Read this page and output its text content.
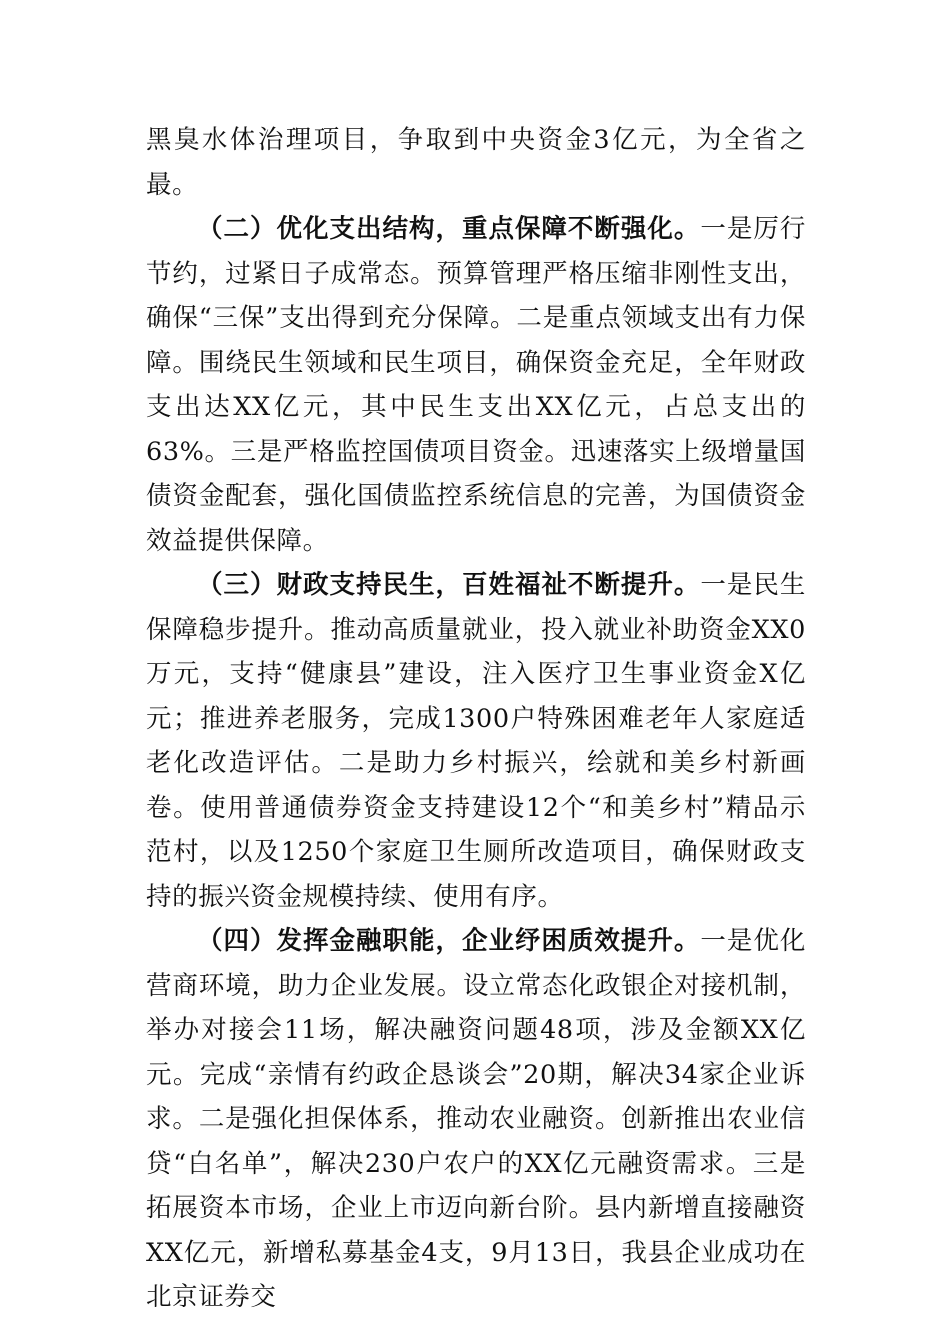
黑臭水体治理项目，争取到中央资金3亿元，为全省之最。

（二）优化支出结构，重点保障不断强化。一是厉行节约，过紧日子成常态。预算管理严格压缩非刚性支出，确保“三保”支出得到充分保障。二是重点领域支出有力保障。围绕民生领域和民生项目，确保资金充足，全年财政支出达XX亿元，其中民生支出XX亿元，占总支出的63%。三是严格监控国债项目资金。迅速落实上级增量国债资金配套，强化国债监控系统信息的完善，为国债资金效益提供保障。

（三）财政支持民生，百姓福祉不断提升。一是民生保障稳步提升。推动高质量就业，投入就业补助资金XX0万元，支持“健康县”建设，注入医疗卫生事业资金X亿元；推进养老服务，完成1300户特殊困难老年人家庭适老化改造评估。二是助力乡村振兴，绘就和美乡村新画卷。使用普通债券资金支持建设12个“和美乡村”精品示范村，以及1250个家庭卫生厕所改造项目，确保财政支持的振兴资金规模持续、使用有序。

（四）发挥金融职能，企业纾困质效提升。一是优化营商环境，助力企业发展。设立常态化政银企对接机制，举办对接会11场，解决融资问题48项，涉及金额XX亿元。完成“亲情有约政企恳谈会”20期，解决34家企业诉求。二是强化担保体系，推动农业融资。创新推出农业信贷“白名单”，解决230户农户的XX亿元融资需求。三是拓展资本市场，企业上市迈向新台阶。县内新增直接融资XX亿元，新增私募基金4支，9月13日，我县企业成功在北京证券交
